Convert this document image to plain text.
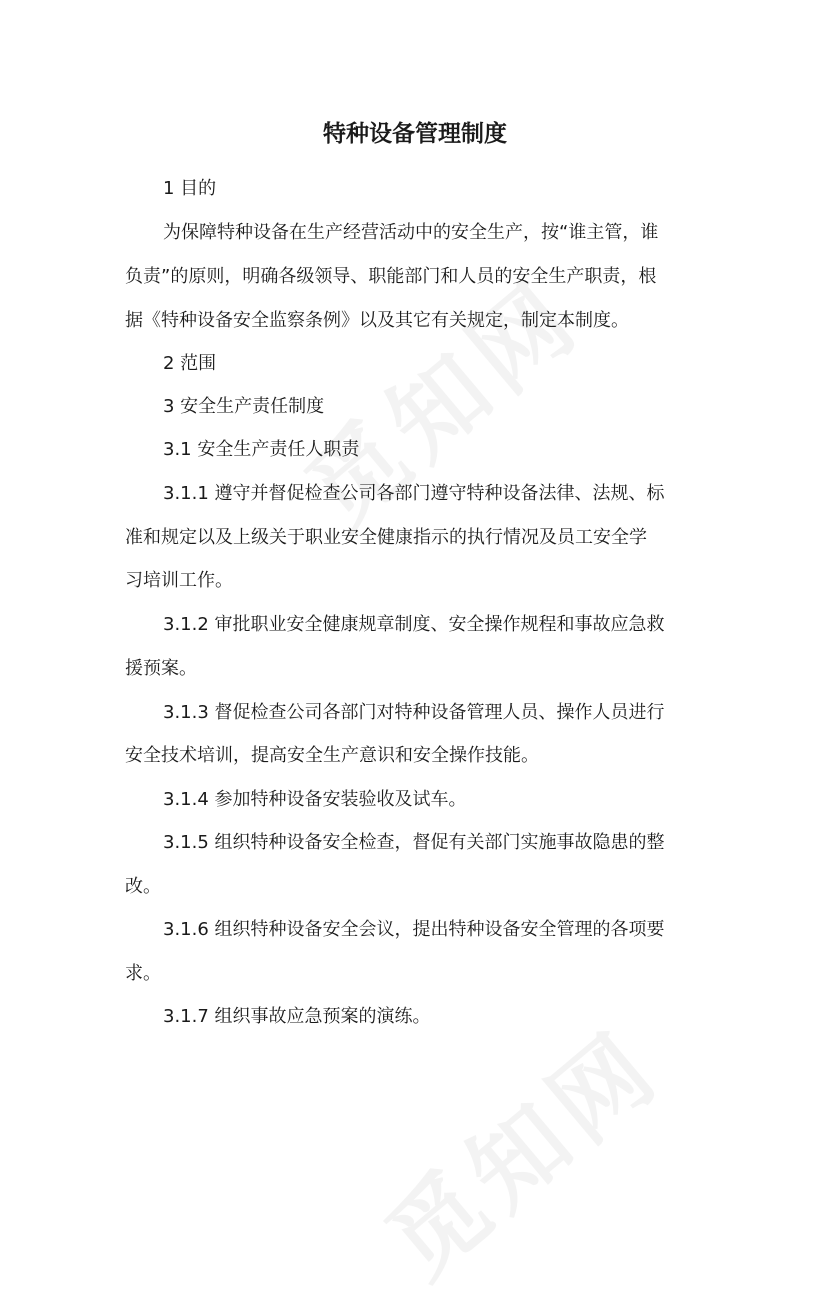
特种设备管理制度

1 目的

为保障特种设备在生产经营活动中的安全生产，按“谁主管，谁

负责”的原则，明确各级领导、职能部门和人员的安全生产职责，根

据《特种设备安全监察条例》以及其它有关规定，制定本制度。

2 范围

3 安全生产责任制度

3.1 安全生产责任人职责

3.1.1 遵守并督促检查公司各部门遵守特种设备法律、法规、标

准和规定以及上级关于职业安全健康指示的执行情况及员工安全学

习培训工作。

3.1.2 审批职业安全健康规章制度、安全操作规程和事故应急救

援预案。

3.1.3 督促检查公司各部门对特种设备管理人员、操作人员进行

安全技术培训，提高安全生产意识和安全操作技能。

3.1.4 参加特种设备安装验收及试车。

3.1.5 组织特种设备安全检查，督促有关部门实施事故隐患的整

改。

3.1.6 组织特种设备安全会议，提出特种设备安全管理的各项要

求。

3.1.7 组织事故应急预案的演练。
